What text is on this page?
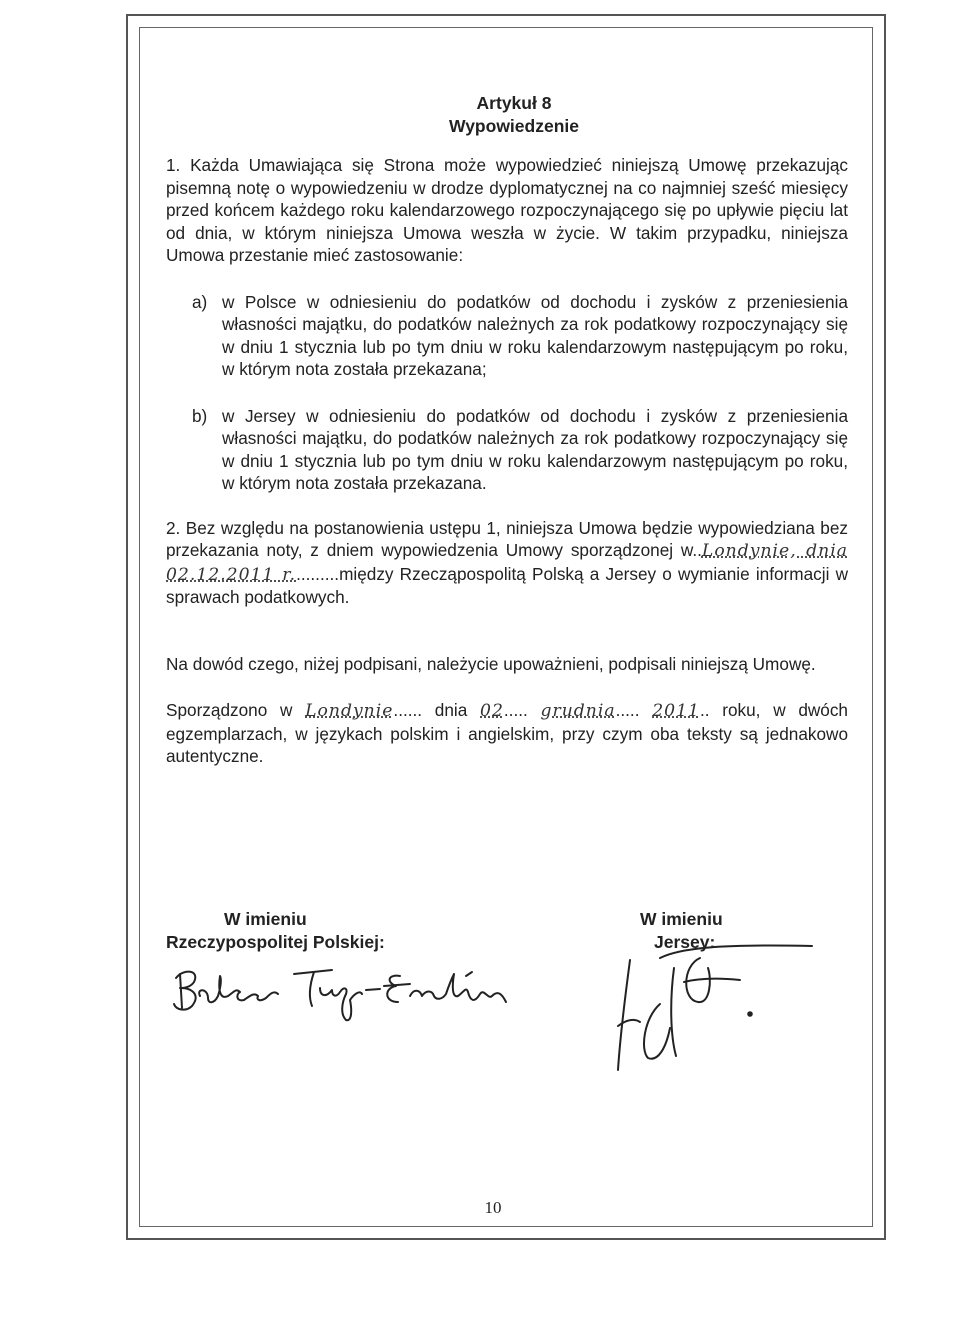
Artykuł 8
Wypowiedzenie

1. Każda Umawiająca się Strona może wypowiedzieć niniejszą Umowę przekazując pisemną notę o wypowiedzeniu w drodze dyplomatycznej na co najmniej sześć miesięcy przed końcem każdego roku kalendarzowego rozpoczynającego się po upływie pięciu lat od dnia, w którym niniejsza Umowa weszła w życie. W takim przypadku, niniejsza Umowa przestanie mieć zastosowanie:

a) w Polsce w odniesieniu do podatków od dochodu i zysków z przeniesienia własności majątku, do podatków należnych za rok podatkowy rozpoczynający się w dniu 1 stycznia lub po tym dniu w roku kalendarzowym następującym po roku, w którym nota została przekazana;
b) w Jersey w odniesieniu do podatków od dochodu i zysków z przeniesienia własności majątku, do podatków należnych za rok podatkowy rozpoczynający się w dniu 1 stycznia lub po tym dniu w roku kalendarzowym następującym po roku, w którym nota została przekazana.

2. Bez względu na postanowienia ustępu 1, niniejsza Umowa będzie wypowiedziana bez przekazania noty, z dniem wypowiedzenia Umowy sporządzonej w..Londynie, dnia 02.12.2011 r..........między Rzecząpospolitą Polską a Jersey o wymianie informacji w sprawach podatkowych.

Na dowód czego, niżej podpisani, należycie upoważnieni, podpisali niniejszą Umowę.

Sporządzono w Londynie...... dnia 02..... grudnia..... 2011.. roku, w dwóch egzemplarzach, w językach polskim i angielskim, przy czym oba teksty są jednakowo autentyczne.

W imieniu
Rzeczypospolitej Polskiej:
W imieniu
Jersey:
10
